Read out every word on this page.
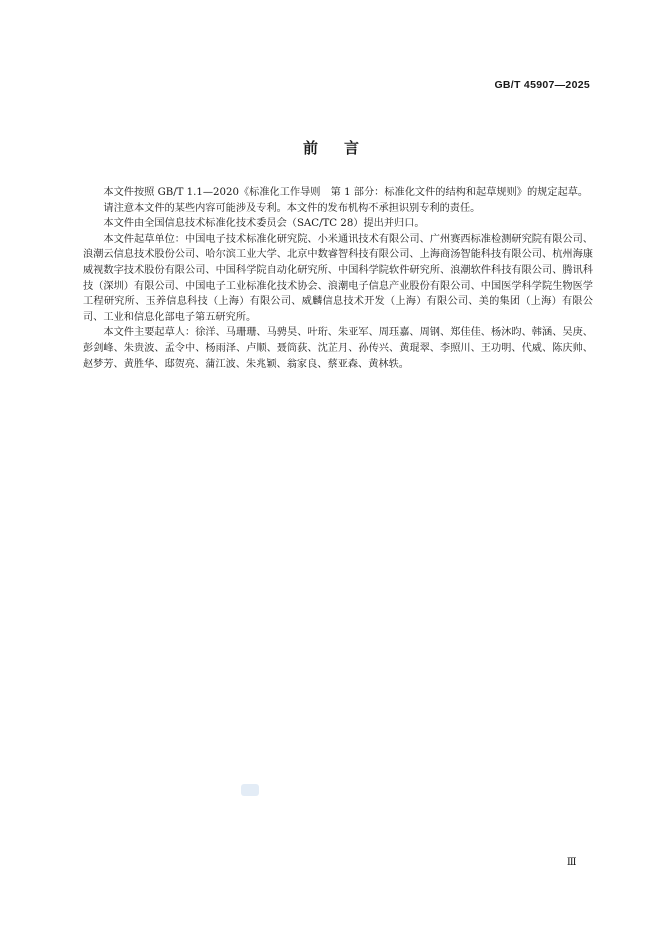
GB/T 45907—2025
前言

本文件按照 GB/T 1.1—2020《标准化工作导则　第 1 部分：标准化文件的结构和起草规则》的规定起草。

请注意本文件的某些内容可能涉及专利。本文件的发布机构不承担识别专利的责任。

本文件由全国信息技术标准化技术委员会（SAC/TC 28）提出并归口。

本文件起草单位：中国电子技术标准化研究院、小米通讯技术有限公司、广州赛西标准检测研究院有限公司、浪潮云信息技术股份公司、哈尔滨工业大学、北京中数睿智科技有限公司、上海商汤智能科技有限公司、杭州海康威视数字技术股份有限公司、中国科学院自动化研究所、中国科学院软件研究所、浪潮软件科技有限公司、腾讯科技（深圳）有限公司、中国电子工业标准化技术协会、浪潮电子信息产业股份有限公司、中国医学科学院生物医学工程研究所、玉养信息科技（上海）有限公司、威麟信息技术开发（上海）有限公司、美的集团（上海）有限公司、工业和信息化部电子第五研究所。

本文件主要起草人：徐洋、马珊珊、马骋昊、叶珩、朱亚军、周珏嘉、周钢、郑佳佳、杨沐昀、韩涵、吴庚、彭剑峰、朱贵波、孟令中、杨雨泽、卢顺、聂筒荻、沈芷月、孙传兴、黄琨翠、李照川、王功明、代威、陈庆帅、赵梦芳、黄胜华、邸贺亮、蒲江波、朱兆颖、翁家良、蔡亚森、黄林轶。

Ⅲ
